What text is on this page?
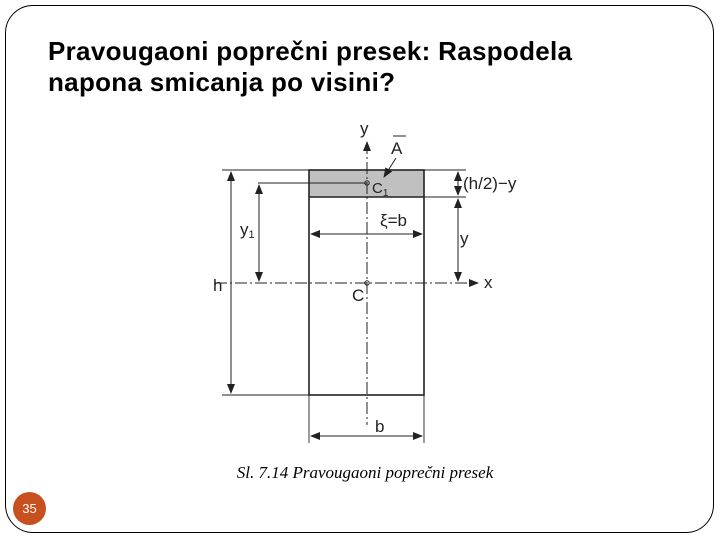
Pravougaoni poprečni presek: Raspodela
napona smicanja po visini?
y
A
$C_1$
ξ=b
C
x
(h/2)−y
y
y1
h
b
Sl. 7.14 Pravougaoni poprečni presek
35
